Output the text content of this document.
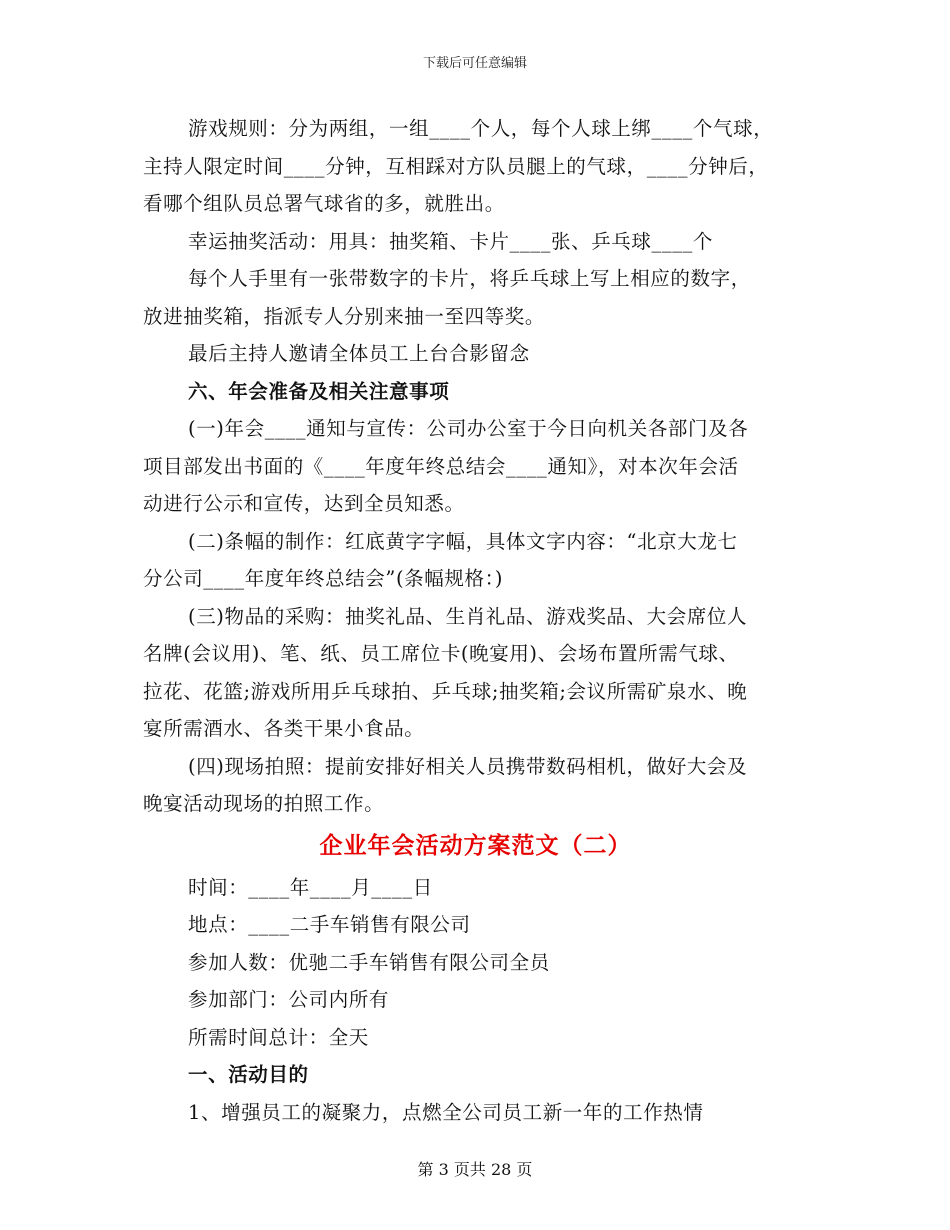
下载后可任意编辑
游戏规则：分为两组，一组____个人，每个人球上绑____个气球，
主持人限定时间____分钟，互相踩对方队员腿上的气球，____分钟后，
看哪个组队员总署气球省的多，就胜出。
幸运抽奖活动：用具：抽奖箱、卡片____张、乒乓球____个
每个人手里有一张带数字的卡片，将乒乓球上写上相应的数字，
放进抽奖箱，指派专人分别来抽一至四等奖。
最后主持人邀请全体员工上台合影留念
六、年会准备及相关注意事项
(一)年会____通知与宣传：公司办公室于今日向机关各部门及各
项目部发出书面的《____年度年终总结会____通知》，对本次年会活
动进行公示和宣传，达到全员知悉。
(二)条幅的制作：红底黄字字幅，具体文字内容：“北京大龙七
分公司____年度年终总结会”(条幅规格：)
(三)物品的采购：抽奖礼品、生肖礼品、游戏奖品、大会席位人
名牌(会议用)、笔、纸、员工席位卡(晚宴用)、会场布置所需气球、
拉花、花篮;游戏所用乒乓球拍、乒乓球;抽奖箱;会议所需矿泉水、晚
宴所需酒水、各类干果小食品。
(四)现场拍照：提前安排好相关人员携带数码相机，做好大会及
晚宴活动现场的拍照工作。
企业年会活动方案范文（二）
时间：____年____月____日
地点：____二手车销售有限公司
参加人数：优驰二手车销售有限公司全员
参加部门：公司内所有
所需时间总计：全天
一、活动目的
1、增强员工的凝聚力，点燃全公司员工新一年的工作热情
第 3 页共 28 页
